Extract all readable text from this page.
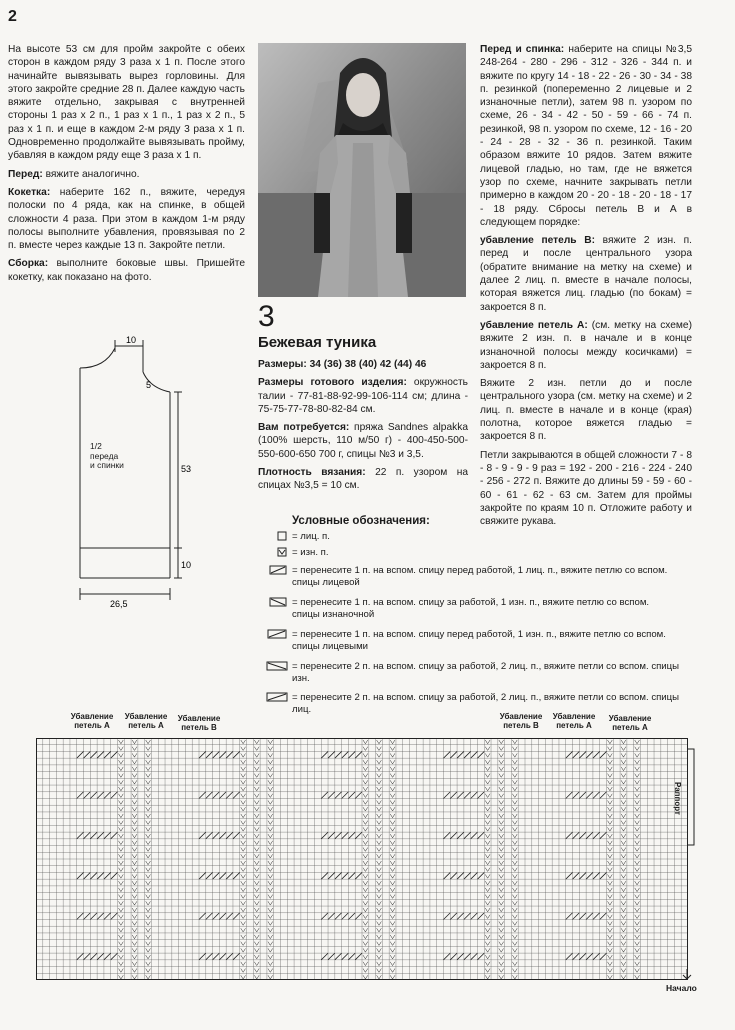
2

На высоте 53 см для пройм закройте с обеих сторон в каждом ряду 3 раза х 1 п. После этого начинайте вывязывать вырез горловины. Для этого закройте средние 28 п. Далее каждую часть вяжите отдельно, закрывая с внутренней стороны 1 раз х 2 п., 1 раз х 1 п., 1 раз х 2 п., 5 раз х 1 п. и еще в каждом 2-м ряду 3 раза х 1 п. Одновременно продолжайте вывязывать пройму, убавляя в каждом ряду еще 3 раза х 1 п.

Перед: вяжите аналогично.

Кокетка: наберите 162 п., вяжите, чередуя полоски по 4 ряда, как на спинке, в общей сложности 4 раза. При этом в каждом 1-м ряду полосы выполните убавления, провязывая по 2 п. вместе через каждые 13 п. Закройте петли.

Сборка: выполните боковые швы. Пришейте кокетку, как показано на фото.

10
5
53
10
26,5
1/2
переда
и спинки
3
Бежевая туника

Размеры: 34 (36) 38 (40) 42 (44) 46

Размеры готового изделия: окружность талии - 77-81-88-92-99-106-114 см; длина - 75-75-77-78-80-82-84 см.

Вам потребуется: пряжа Sandnes alpakka (100% шерсть, 110 м/50 г) - 400-450-500-550-600-650 700 г, спицы №3 и 3,5.

Плотность вязания: 22 п. узором на спицах №3,5 = 10 см.

Перед и спинка: наберите на спицы №3,5 248-264 - 280 - 296 - 312 - 326 - 344 п. и вяжите по кругу 14 - 18 - 22 - 26 - 30 - 34 - 38 п. резинкой (попеременно 2 лицевые и 2 изнаночные петли), затем 98 п. узором по схеме, 26 - 34 - 42 - 50 - 59 - 66 - 74 п. резинкой, 98 п. узором по схеме, 12 - 16 - 20 - 24 - 28 - 32 - 36 п. резинкой. Таким образом вяжите 10 рядов. Затем вяжите лицевой гладью, но там, где не вяжется узор по схеме, начните закрывать петли примерно в каждом 20 - 20 - 18 - 20 - 18 - 17 - 18 ряду. Сбросы петель В и А в следующем порядке:

убавление петель В: вяжите 2 изн. п. перед и после центрального узора (обратите внимание на метку на схеме) и далее 2 лиц. п. вместе в начале полосы, которая вяжется лиц. гладью (по бокам) = закроется 8 п.

убавление петель А: (см. метку на схеме) вяжите 2 изн. п. в начале и в конце изнаночной полосы между косичками) = закроется 8 п.

Вяжите 2 изн. петли до и после центрального узора (см. метку на схеме) и 2 лиц. п. вместе в начале и в конце (края) полотна, которое вяжется гладью = закроется 8 п.

Петли закрываются в общей сложности 7 - 8 - 8 - 9 - 9 - 9 раз = 192 - 200 - 216 - 224 - 240 - 256 - 272 п. Вяжите до длины 59 - 59 - 60 - 60 - 61 - 62 - 63 см. Затем для проймы закройте по краям 10 п. Отложите работу и свяжите рукава.

Условные обозначения:
= лиц. п.
= изн. п.
= перенесите 1 п. на вспом. спицу перед работой, 1 лиц. п., вяжите петлю со вспом. спицы лицевой
= перенесите 1 п. на вспом. спицу за работой, 1 изн. п., вяжите петлю со вспом. спицы изнаночной
= перенесите 1 п. на вспом. спицу перед работой, 1 изн. п., вяжите петлю со вспом. спицы лицевыми
= перенесите 2 п. на вспом. спицу за работой, 2 лиц. п., вяжите петли со вспом. спицы изн.
= перенесите 2 п. на вспом. спицу за работой, 2 лиц. п., вяжите петли со вспом. спицы лиц.
Убавление
петель А
Убавление
петель А
Убавление
петель В
Убавление
петель В
Убавление
петель А
Убавление
петель А
Раппорт
Начало
